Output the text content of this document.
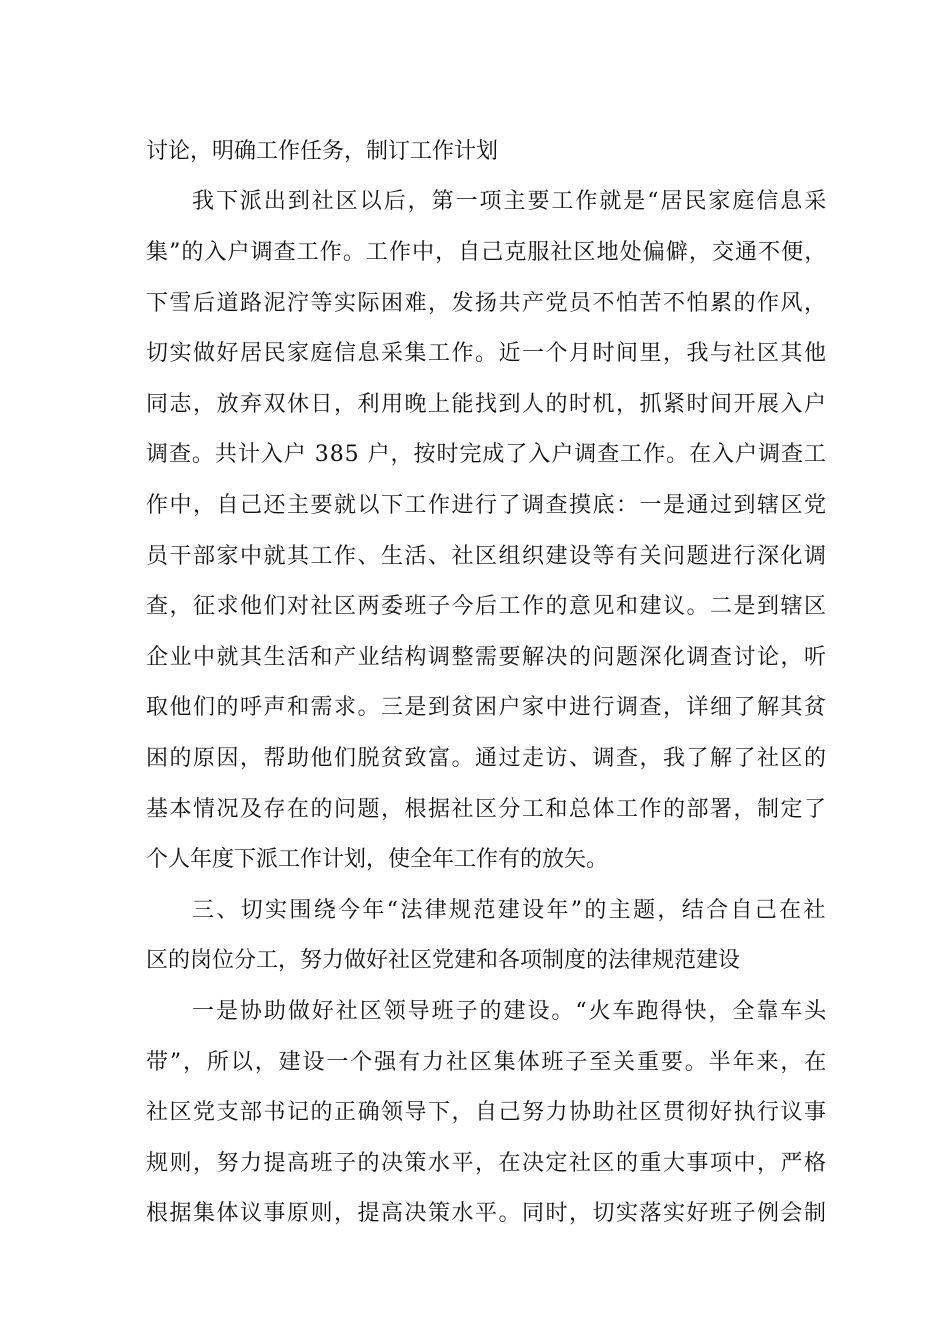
讨论，明确工作任务，制订工作计划
我下派出到社区以后，第一项主要工作就是“居民家庭信息采
集”的入户调查工作。工作中，自己克服社区地处偏僻，交通不便，
下雪后道路泥泞等实际困难，发扬共产党员不怕苦不怕累的作风，
切实做好居民家庭信息采集工作。近一个月时间里，我与社区其他
同志，放弃双休日，利用晚上能找到人的时机，抓紧时间开展入户
调查。共计入户 385 户，按时完成了入户调查工作。在入户调查工
作中，自己还主要就以下工作进行了调查摸底：一是通过到辖区党
员干部家中就其工作、生活、社区组织建设等有关问题进行深化调
查，征求他们对社区两委班子今后工作的意见和建议。二是到辖区
企业中就其生活和产业结构调整需要解决的问题深化调查讨论，听
取他们的呼声和需求。三是到贫困户家中进行调查，详细了解其贫
困的原因，帮助他们脱贫致富。通过走访、调查，我了解了社区的
基本情况及存在的问题，根据社区分工和总体工作的部署，制定了
个人年度下派工作计划，使全年工作有的放矢。
三、切实围绕今年“法律规范建设年”的主题，结合自己在社
区的岗位分工，努力做好社区党建和各项制度的法律规范建设
一是协助做好社区领导班子的建设。“火车跑得快，全靠车头
带”，所以，建设一个强有力社区集体班子至关重要。半年来，在
社区党支部书记的正确领导下，自己努力协助社区贯彻好执行议事
规则，努力提高班子的决策水平，在决定社区的重大事项中，严格
根据集体议事原则，提高决策水平。同时，切实落实好班子例会制
